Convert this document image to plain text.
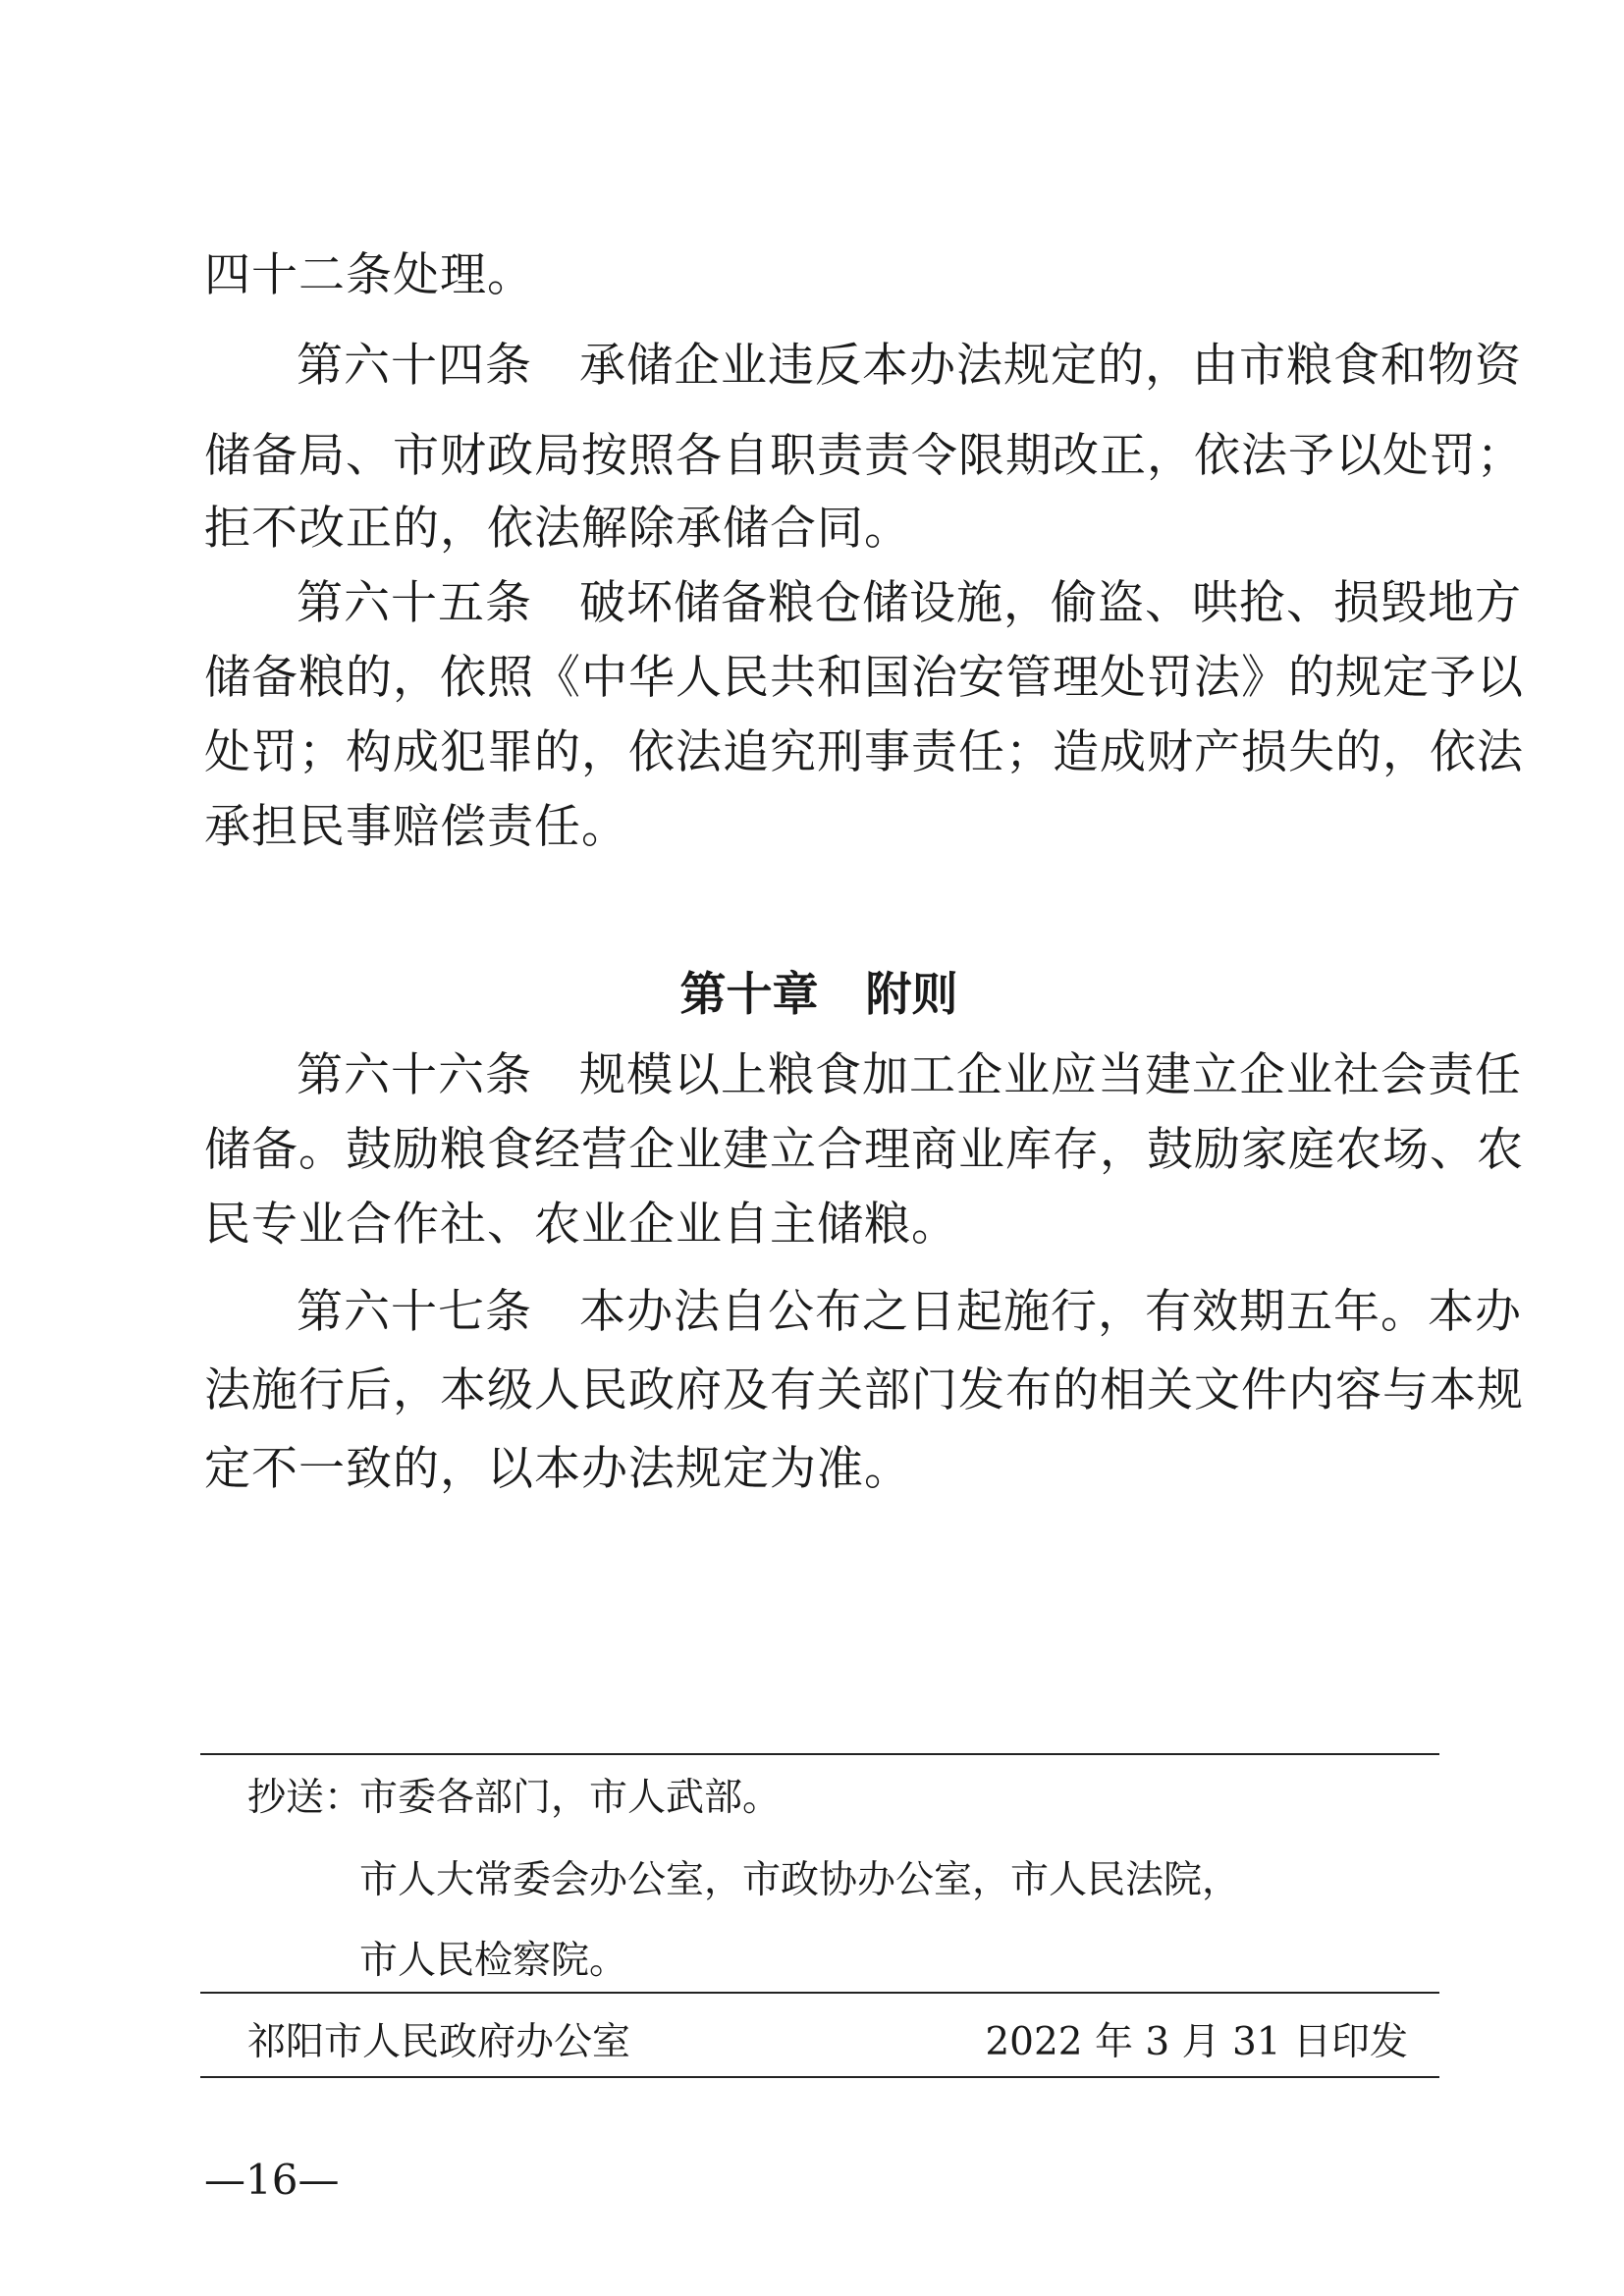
四十二条处理。
第六十四条　承储企业违反本办法规定的，由市粮食和物资
储备局、市财政局按照各自职责责令限期改正，依法予以处罚；
拒不改正的，依法解除承储合同。
第六十五条　破坏储备粮仓储设施，偷盗、哄抢、损毁地方
储备粮的，依照《中华人民共和国治安管理处罚法》的规定予以
处罚；构成犯罪的，依法追究刑事责任；造成财产损失的，依法
承担民事赔偿责任。
第十章 附则
第六十六条　规模以上粮食加工企业应当建立企业社会责任
储备。鼓励粮食经营企业建立合理商业库存，鼓励家庭农场、农
民专业合作社、农业企业自主储粮。
第六十七条　本办法自公布之日起施行，有效期五年。本办
法施行后，本级人民政府及有关部门发布的相关文件内容与本规
定不一致的，以本办法规定为准。
抄送：
市委各部门，市人武部。
市人大常委会办公室，市政协办公室，市人民法院，
市人民检察院。
祁阳市人民政府办公室	2022 年 3 月 31 日印发
—16—
